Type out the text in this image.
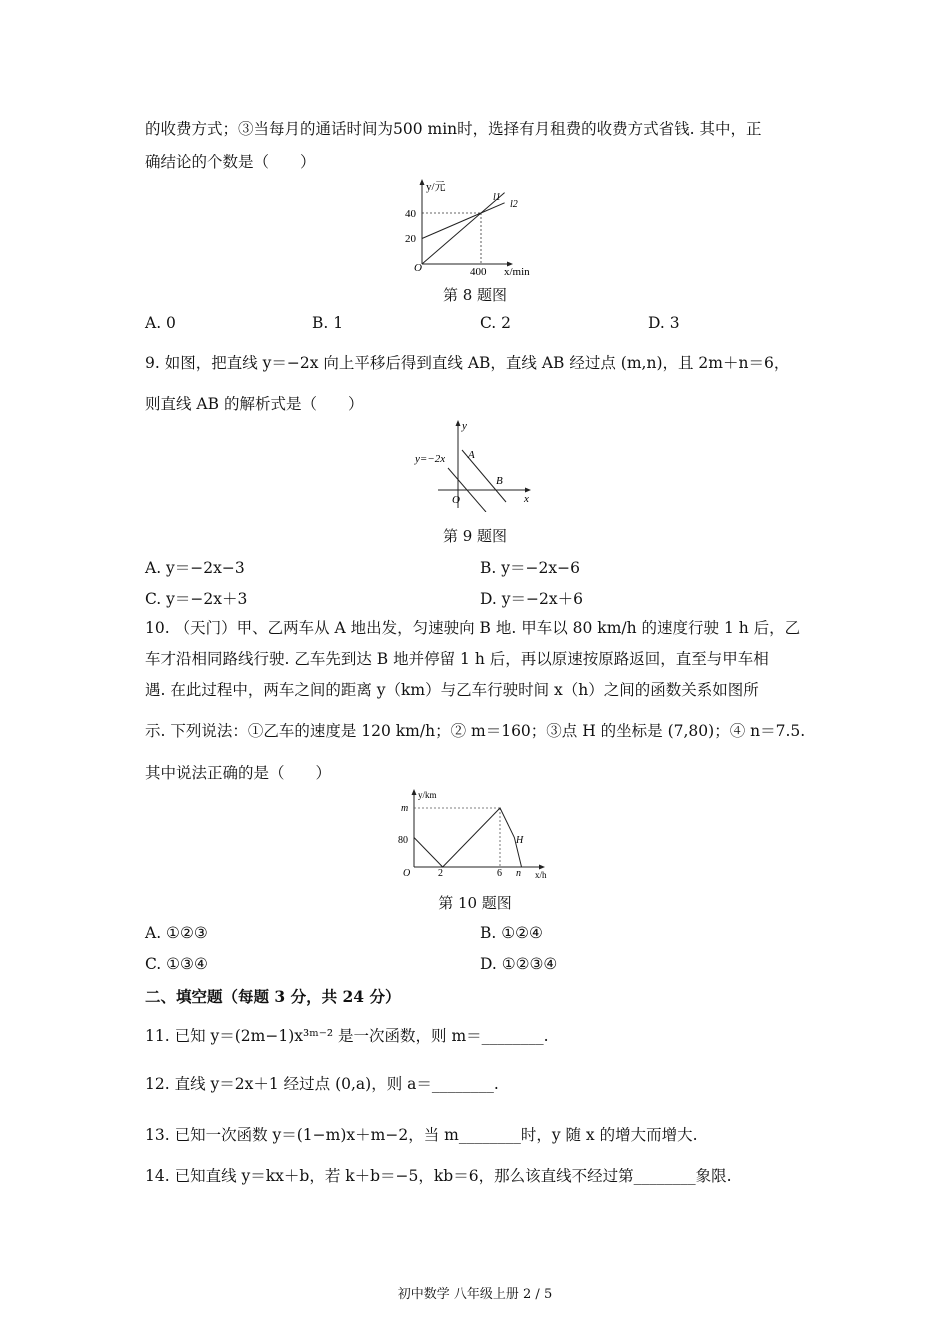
的收费方式；③当每月的通话时间为500 min时，选择有月租费的收费方式省钱. 其中，正
确结论的个数是（　　）
y/元
40
20
O	400 x/min
l1
l2
第 8 题图
A. 0	B. 1	C. 2	D. 3
9. 如图，把直线 y＝−2x 向上平移后得到直线 AB，直线 AB 经过点 (m,n)，且 2m＋n＝6，
则直线 AB 的解析式是（　　）
y
y=−2x A
B
O	x
第 9 题图
A. y＝−2x−3	B. y＝−2x−6
C. y＝−2x＋3	D. y＝−2x＋6
10. （天门）甲、乙两车从 A 地出发，匀速驶向 B 地. 甲车以 80 km/h 的速度行驶 1 h 后，乙
车才沿相同路线行驶. 乙车先到达 B 地并停留 1 h 后，再以原速按原路返回，直至与甲车相
遇. 在此过程中，两车之间的距离 y（km）与乙车行驶时间 x（h）之间的函数关系如图所
示. 下列说法：①乙车的速度是 120 km/h；② m＝160；③点 H 的坐标是 (7,80)；④ n＝7.5.
其中说法正确的是（　　）
y/km
m
80
O	2	6 n x/h
H
第 10 题图
A. ①②③	B. ①②④
C. ①③④	D. ①②③④
二、填空题（每题 3 分，共 24 分）
11. 已知 y＝(2m−1)x³ᵐ⁻² 是一次函数，则 m＝________.
12. 直线 y＝2x＋1 经过点 (0,a)，则 a＝________.
13. 已知一次函数 y＝(1−m)x＋m−2，当 m________时，y 随 x 的增大而增大.
14. 已知直线 y＝kx＋b，若 k＋b＝−5，kb＝6，那么该直线不经过第________象限.
初中数学 八年级上册 2 / 5
